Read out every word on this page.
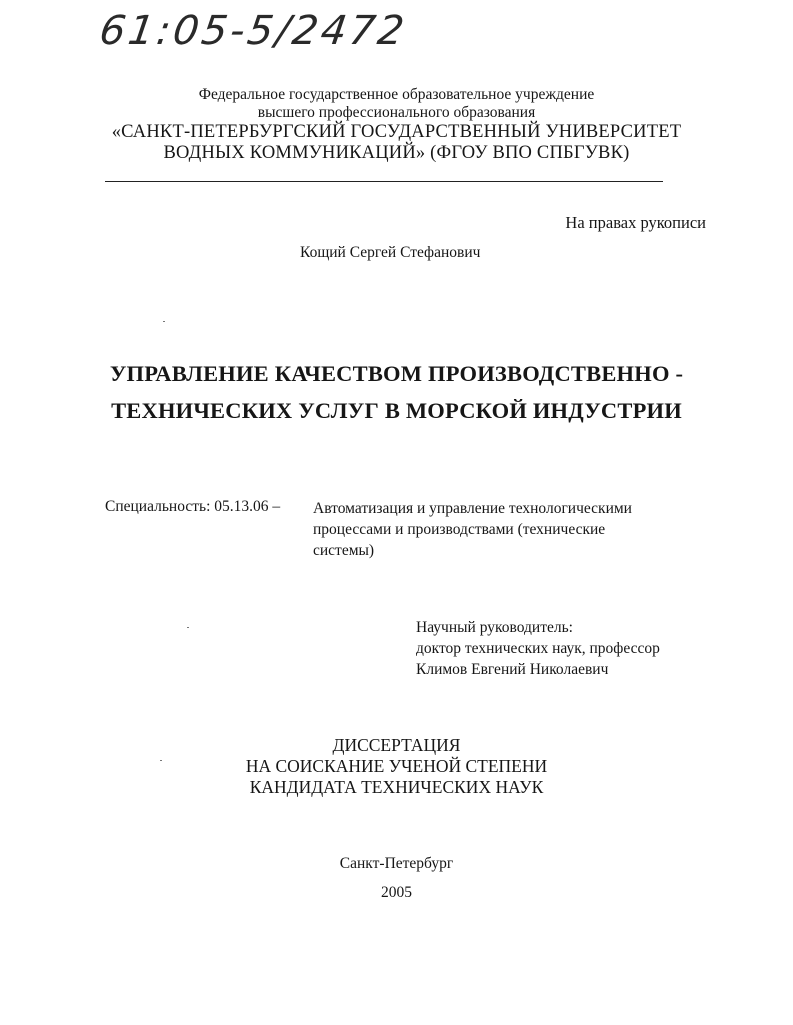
61:05-5/2472
Федеральное государственное образовательное учреждение
высшего профессионального образования
«САНКТ-ПЕТЕРБУРГСКИЙ ГОСУДАРСТВЕННЫЙ УНИВЕРСИТЕТ
ВОДНЫХ КОММУНИКАЦИЙ» (ФГОУ ВПО СПБГУВК)
На правах рукописи
Кощий Сергей Стефанович
УПРАВЛЕНИЕ КАЧЕСТВОМ ПРОИЗВОДСТВЕННО -
ТЕХНИЧЕСКИХ УСЛУГ В МОРСКОЙ ИНДУСТРИИ
Специальность: 05.13.06 – Автоматизация и управление технологическими
процессами и производствами (технические
системы)
Научный руководитель:
доктор технических наук, профессор
Климов Евгений Николаевич
ДИССЕРТАЦИЯ
НА СОИСКАНИЕ УЧЕНОЙ СТЕПЕНИ
КАНДИДАТА ТЕХНИЧЕСКИХ НАУК
Санкт-Петербург
2005
